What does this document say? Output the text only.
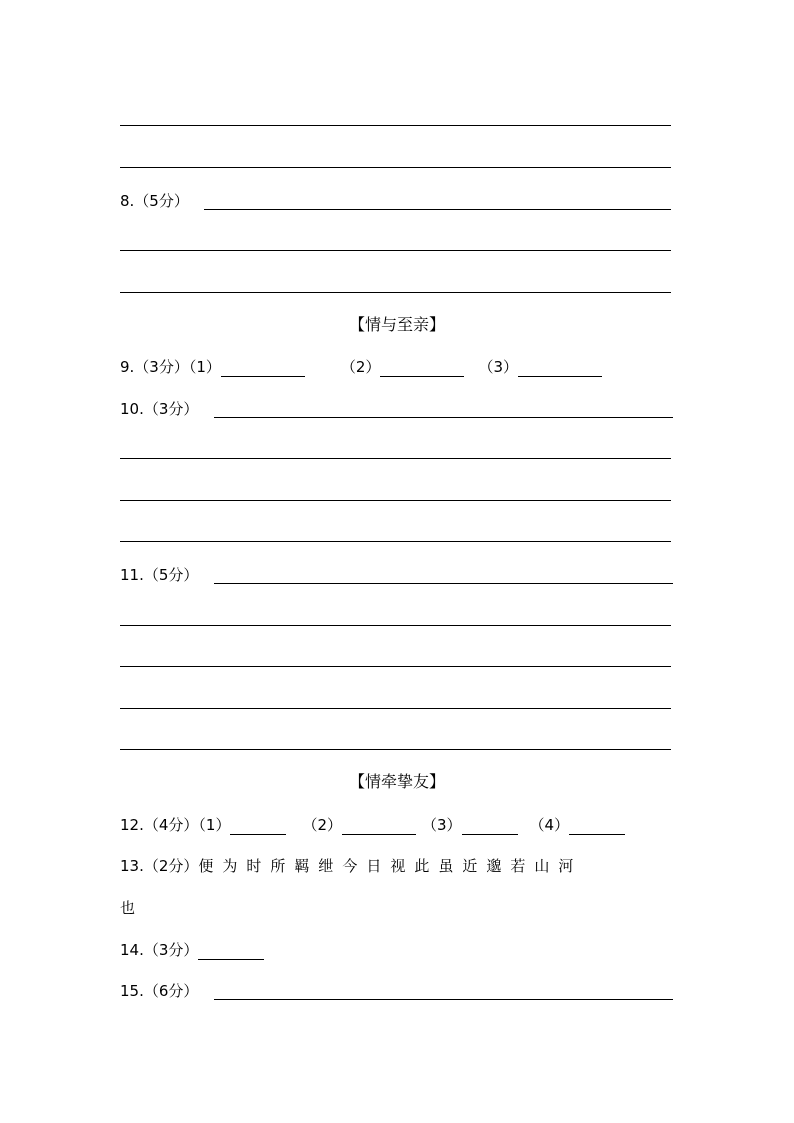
8.（5分）
【情与至亲】
9.（3分）（1）	（2）	（3）
10.（3分）
11.（5分）
【情牵挚友】
12.（4分）（1）	（2）	（3）	（4）
13.（2分）便 为 时 所 羁 绁 今 日 视 此 虽 近 邈 若 山 河
也
14.（3分）
15.（6分）
